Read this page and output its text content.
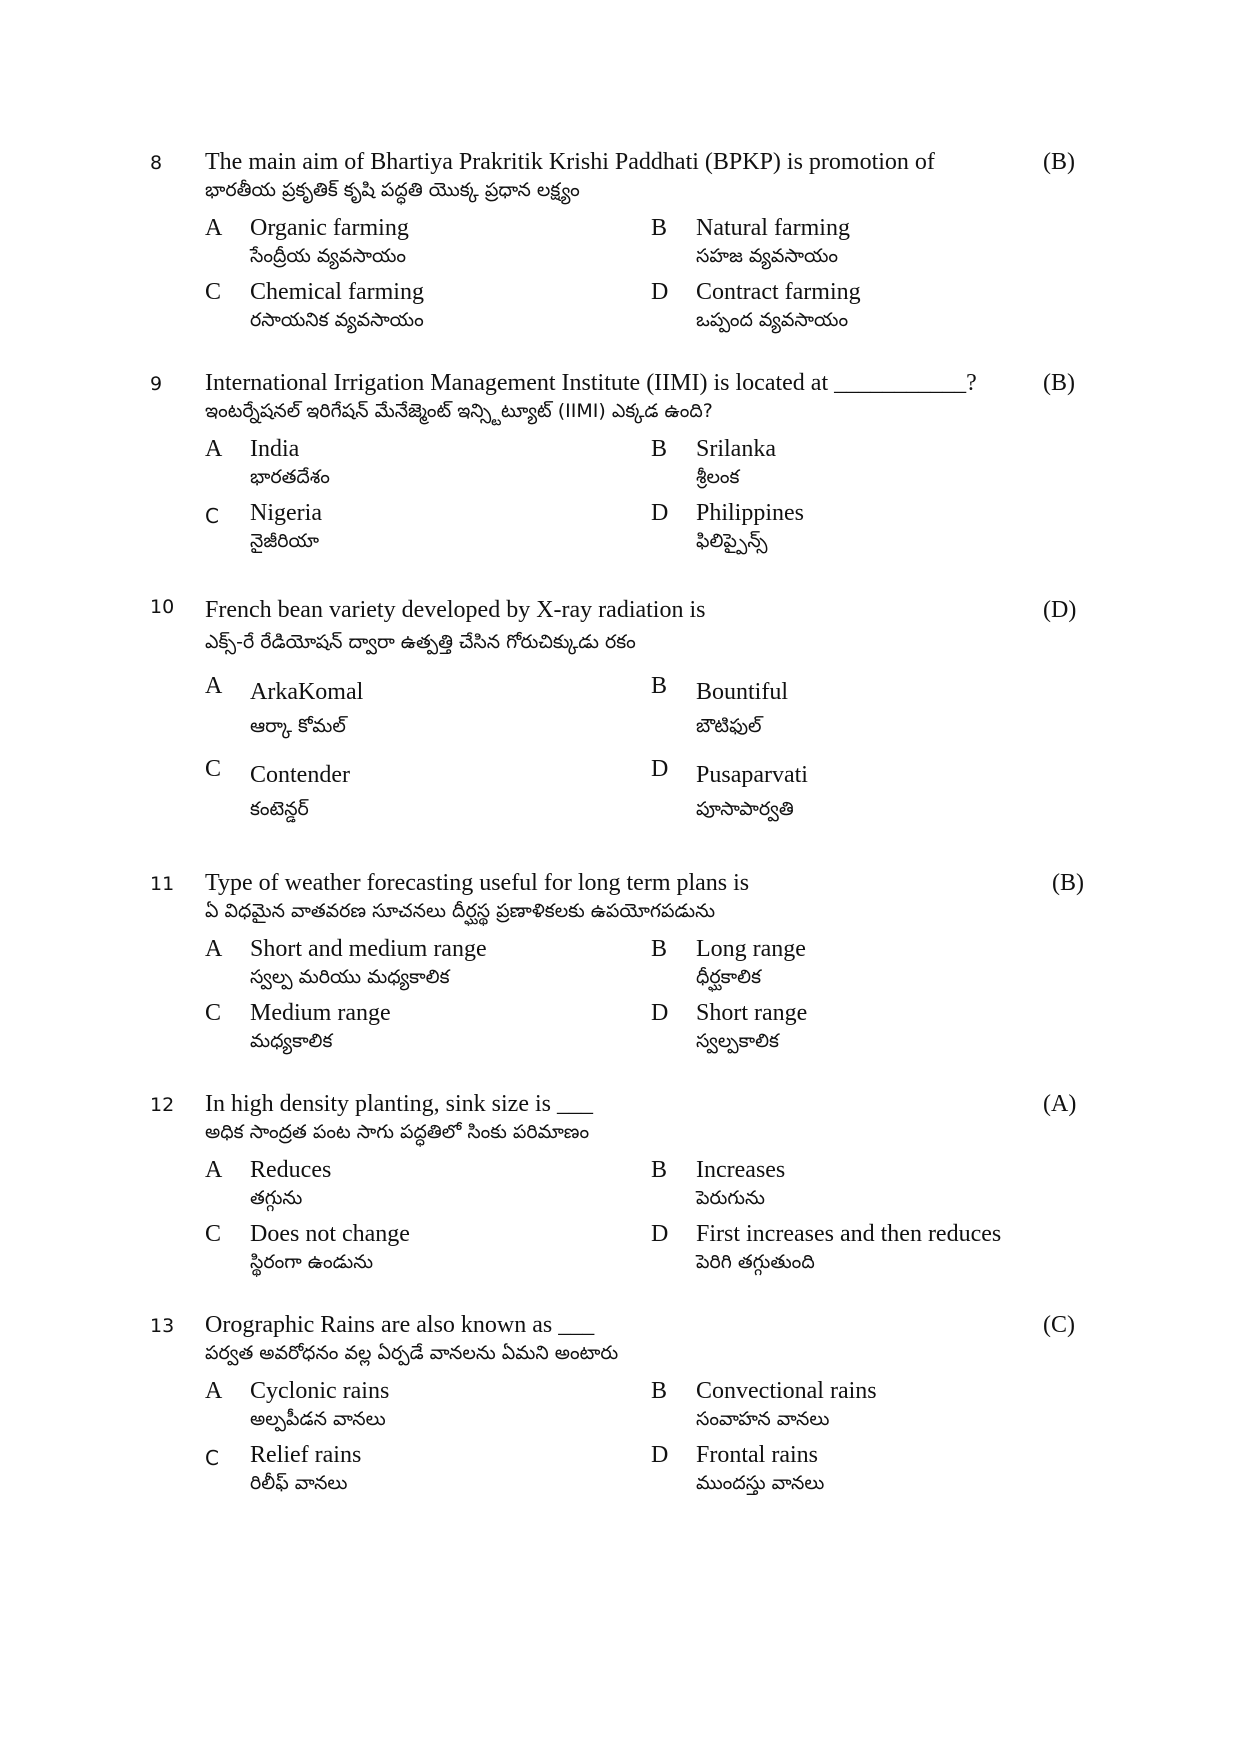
8 The main aim of Bhartiya Prakritik Krishi Paddhati (BPKP) is promotion of
భారతీయ ప్రకృతిక్ కృషి పద్ధతి యొక్క ప్రధాన లక్ష్యం
(B)
A Organic farming
సేంద్రీయ వ్యవసాయం
B Natural farming
సహజ వ్యవసాయం
C Chemical farming
రసాయనిక వ్యవసాయం
D Contract farming
ఒప్పంద వ్యవసాయం
9 International Irrigation Management Institute (IIMI) is located at ___________?
ఇంటర్నేషనల్ ఇరిగేషన్ మేనేజ్మెంట్ ఇన్స్టిట్యూట్ (IIMI) ఎక్కడ ఉంది?
(B)
A India
భారతదేశం
B Srilanka
శ్రీలంక
C Nigeria
నైజీరియా
D Philippines
ఫిలిప్పైన్స్
10 French bean variety developed by X-ray radiation is
ఎక్స్-రే రేడియోషన్ ద్వారా ఉత్పత్తి చేసిన గోరుచిక్కుడు రకం
(D)
A ArkaKomal
ఆర్కా కోమల్
B Bountiful
బౌటిఫుల్
C Contender
కంటెన్డర్
D Pusaparvati
పూసాపార్వతి
11 Type of weather forecasting useful for long term plans is
ఏ విధమైన వాతవరణ సూచనలు దీర్ఘస్థ ప్రణాళికలకు ఉపయోగపడును
(B)
A Short and medium range
స్వల్ప మరియు మధ్యకాలిక
B Long range
ధీర్ఘకాలిక
C Medium range
మధ్యకాలిక
D Short range
స్వల్పకాలిక
12 In high density planting, sink size is ___
అధిక సాంద్రత పంట సాగు పద్ధతిలో సింకు పరిమాణం
(A)
A Reduces
తగ్గును
B Increases
పెరుగును
C Does not change
స్థిరంగా ఉండును
D First increases and then reduces
పెరిగి తగ్గుతుంది
13 Orographic Rains are also known as ___
పర్వత అవరోధనం వల్ల ఏర్పడే వానలను ఏమని అంటారు
(C)
A Cyclonic rains
అల్పపీడన వానలు
B Convectional rains
సంవాహన వానలు
C Relief rains
రిలీఫ్ వానలు
D Frontal rains
ముందస్తు వానలు
